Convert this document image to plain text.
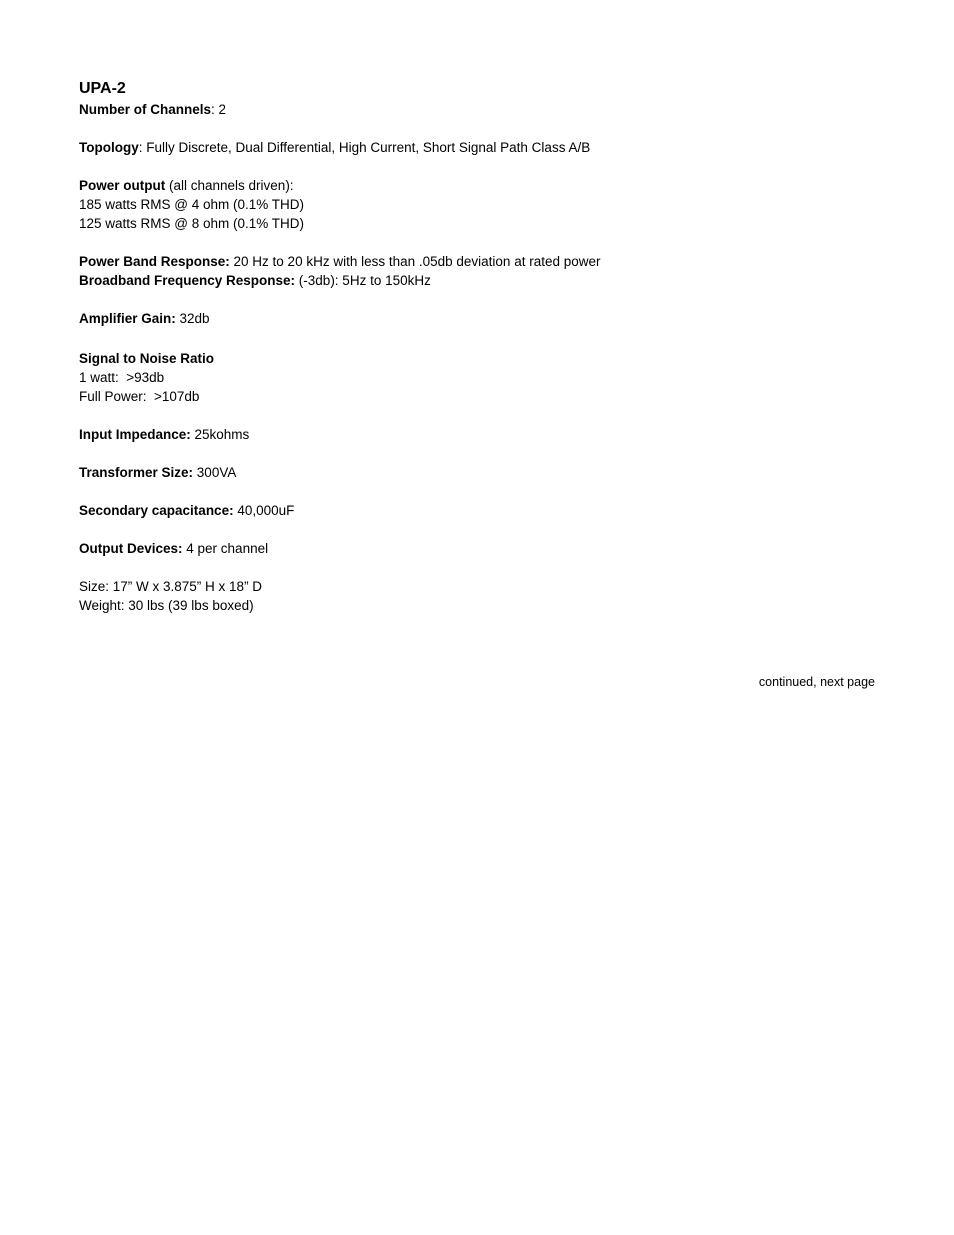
UPA-2

Number of Channels: 2

Topology: Fully Discrete, Dual Differential, High Current, Short Signal Path Class A/B

Power output (all channels driven):

185 watts RMS @ 4 ohm (0.1% THD)

125 watts RMS @ 8 ohm (0.1% THD)

Power Band Response: 20 Hz to 20 kHz with less than .05db deviation at rated power

Broadband Frequency Response: (-3db): 5Hz to 150kHz

Amplifier Gain: 32db

Signal to Noise Ratio

1 watt:  >93db

Full Power:  >107db

Input Impedance: 25kohms

Transformer Size: 300VA

Secondary capacitance: 40,000uF

Output Devices: 4 per channel

Size: 17” W x 3.875” H x 18” D

Weight: 30 lbs (39 lbs boxed)

continued, next page
